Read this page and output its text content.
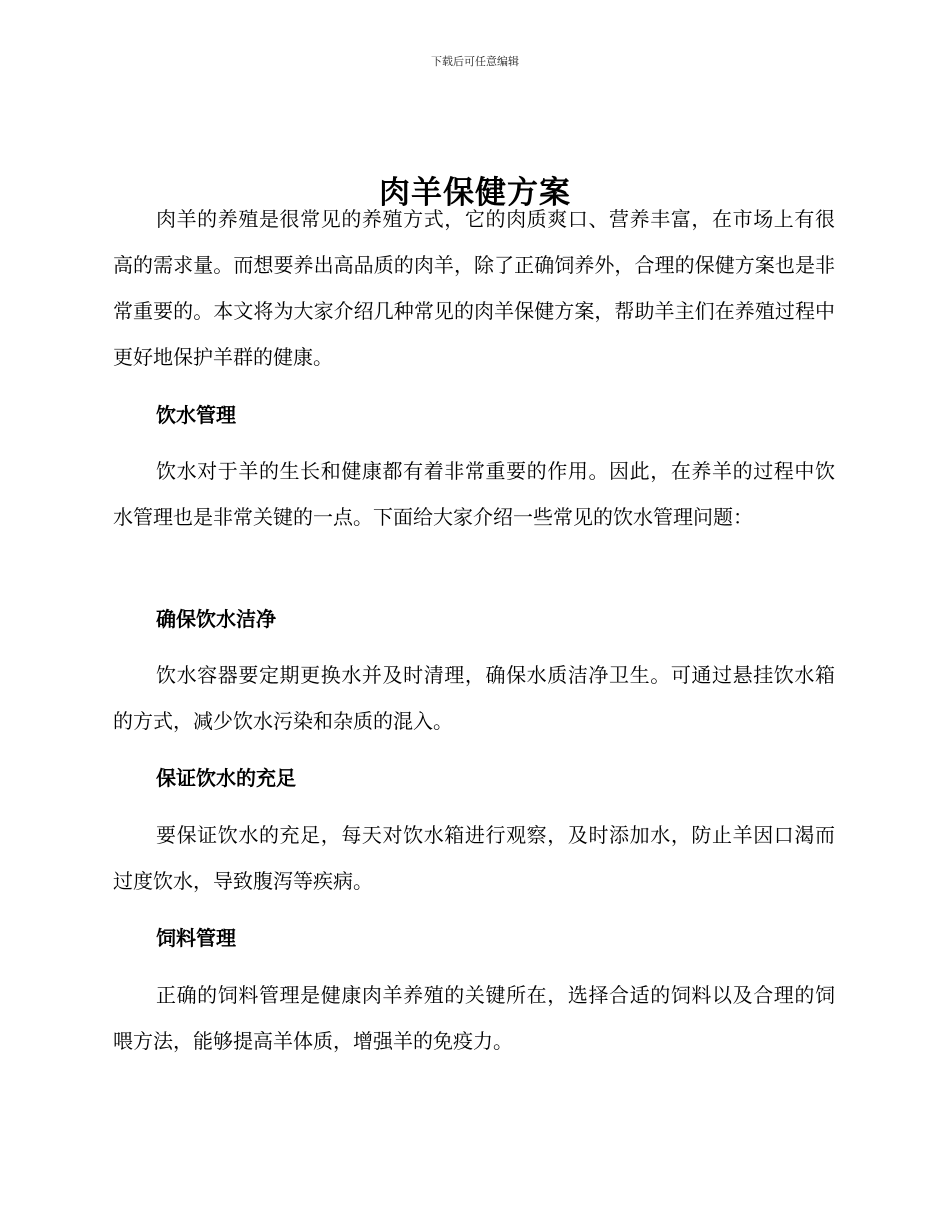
下载后可任意编辑
肉羊保健方案

肉羊的养殖是很常见的养殖方式，它的肉质爽口、营养丰富，在市场上有很高的需求量。而想要养出高品质的肉羊，除了正确饲养外，合理的保健方案也是非常重要的。本文将为大家介绍几种常见的肉羊保健方案，帮助羊主们在养殖过程中更好地保护羊群的健康。

饮水管理

饮水对于羊的生长和健康都有着非常重要的作用。因此，在养羊的过程中饮水管理也是非常关键的一点。下面给大家介绍一些常见的饮水管理问题：

确保饮水洁净

饮水容器要定期更换水并及时清理，确保水质洁净卫生。可通过悬挂饮水箱的方式，减少饮水污染和杂质的混入。

保证饮水的充足

要保证饮水的充足，每天对饮水箱进行观察，及时添加水，防止羊因口渴而过度饮水，导致腹泻等疾病。

饲料管理

正确的饲料管理是健康肉羊养殖的关键所在，选择合适的饲料以及合理的饲喂方法，能够提高羊体质，增强羊的免疫力。
